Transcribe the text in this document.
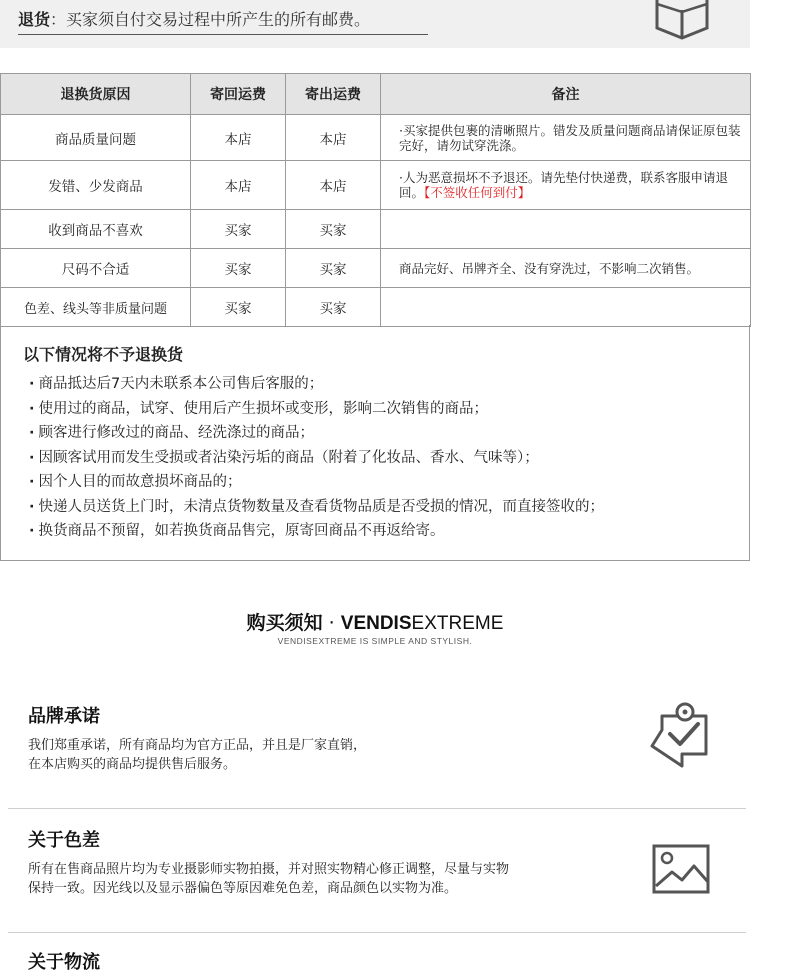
退货：买家须自付交易过程中所产生的所有邮费。
退换货原因	寄回运费	寄出运费	备注
商品质量问题	本店	本店	·买家提供包裹的清晰照片。错发及质量问题商品请保证原包装完好，请勿试穿洗涤。
发错、少发商品	本店	本店	·人为恶意损坏不予退还。请先垫付快递费，联系客服申请退回。【不签收任何到付】
收到商品不喜欢	买家	买家	
尺码不合适	买家	买家	商品完好、吊牌齐全、没有穿洗过，不影响二次销售。
色差、线头等非质量问题	买家	买家	
以下情况将不予退换货
· 商品抵达后7天内未联系本公司售后客服的；
· 使用过的商品，试穿、使用后产生损坏或变形，影响二次销售的商品；
· 顾客进行修改过的商品、经洗涤过的商品；
· 因顾客试用而发生受损或者沾染污垢的商品（附着了化妆品、香水、气味等）；
· 因个人目的而故意损坏商品的；
· 快递人员送货上门时，未清点货物数量及查看货物品质是否受损的情况，而直接签收的；
· 换货商品不预留，如若换货商品售完，原寄回商品不再返给寄。
购买须知 · VENDISEXTREME
VENDISEXTREME IS SIMPLE AND STYLISH.
品牌承诺

我们郑重承诺，所有商品均为官方正品，并且是厂家直销，
在本店购买的商品均提供售后服务。

关于色差

所有在售商品照片均为专业摄影师实物拍摄，并对照实物精心修正调整，尽量与实物
保持一致。因光线以及显示器偏色等原因难免色差，商品颜色以实物为准。

关于物流
